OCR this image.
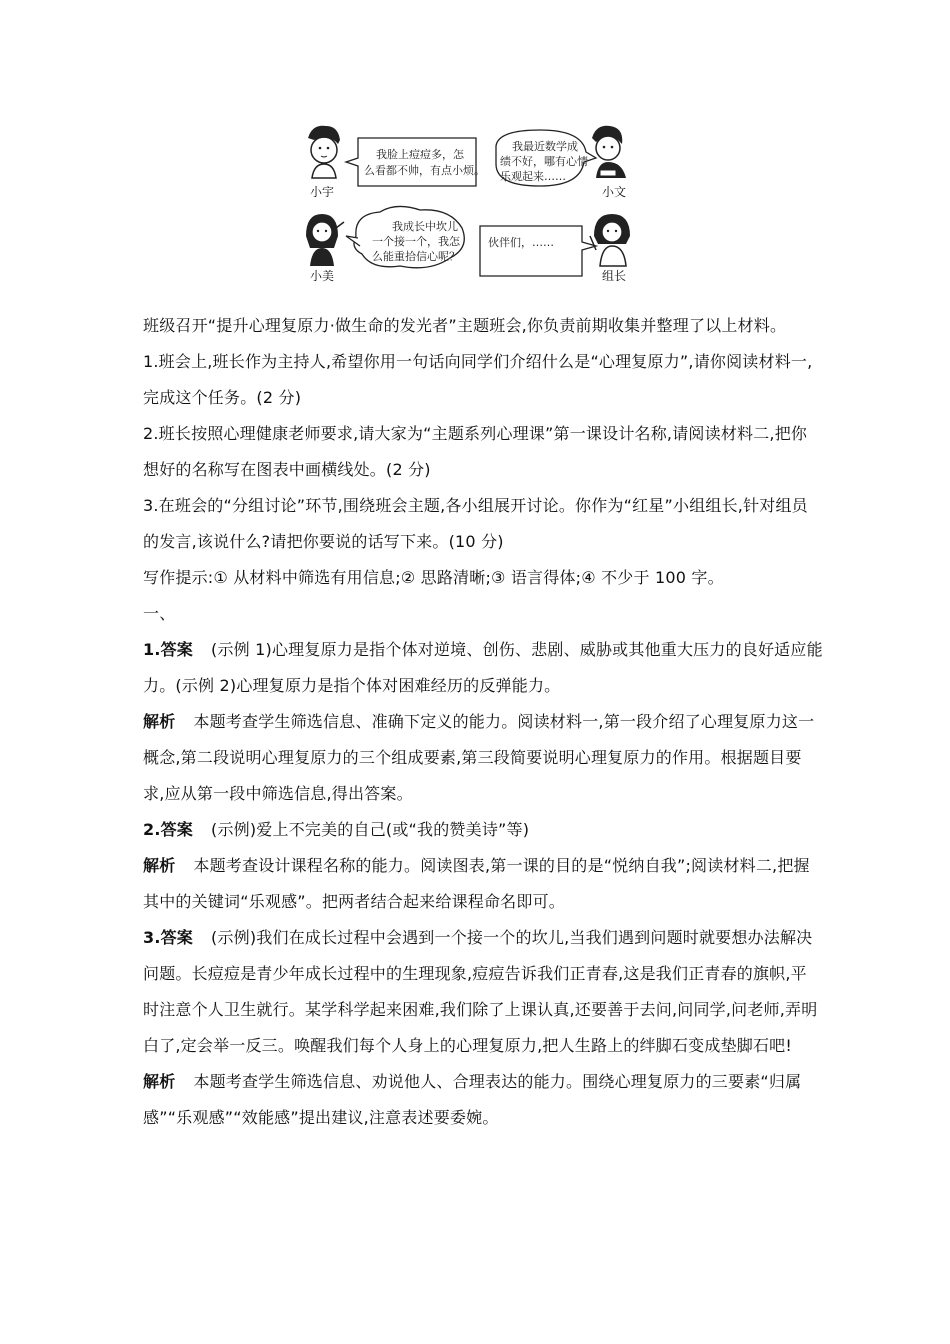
我脸上痘痘多，怎
么看都不帅，有点小烦。
我最近数学成
绩不好，哪有心情
乐观起来……
小宇	小文
我成长中坎儿
一个接一个，我怎
么能重拾信心呢？
伙伴们，……
小美	组长

班级召开“提升心理复原力·做生命的发光者”主题班会,你负责前期收集并整理了以上材料。

1.班会上,班长作为主持人,希望你用一句话向同学们介绍什么是“心理复原力”,请你阅读材料一,完成这个任务。(2 分)

2.班长按照心理健康老师要求,请大家为“主题系列心理课”第一课设计名称,请阅读材料二,把你想好的名称写在图表中画横线处。(2 分)

3.在班会的“分组讨论”环节,围绕班会主题,各小组展开讨论。你作为“红星”小组组长,针对组员的发言,该说什么?请把你要说的话写下来。(10 分)

写作提示:① 从材料中筛选有用信息;② 思路清晰;③ 语言得体;④ 不少于 100 字。

一、

1.答案 (示例 1)心理复原力是指个体对逆境、创伤、悲剧、威胁或其他重大压力的良好适应能力。(示例 2)心理复原力是指个体对困难经历的反弹能力。

解析 本题考查学生筛选信息、准确下定义的能力。阅读材料一,第一段介绍了心理复原力这一概念,第二段说明心理复原力的三个组成要素,第三段简要说明心理复原力的作用。根据题目要求,应从第一段中筛选信息,得出答案。

2.答案 (示例)爱上不完美的自己(或“我的赞美诗”等)

解析 本题考查设计课程名称的能力。阅读图表,第一课的目的是“悦纳自我”;阅读材料二,把握其中的关键词“乐观感”。把两者结合起来给课程命名即可。

3.答案 (示例)我们在成长过程中会遇到一个接一个的坎儿,当我们遇到问题时就要想办法解决问题。长痘痘是青少年成长过程中的生理现象,痘痘告诉我们正青春,这是我们正青春的旗帜,平时注意个人卫生就行。某学科学起来困难,我们除了上课认真,还要善于去问,问同学,问老师,弄明白了,定会举一反三。唤醒我们每个人身上的心理复原力,把人生路上的绊脚石变成垫脚石吧!

解析 本题考查学生筛选信息、劝说他人、合理表达的能力。围绕心理复原力的三要素“归属感”“乐观感”“效能感”提出建议,注意表述要委婉。
